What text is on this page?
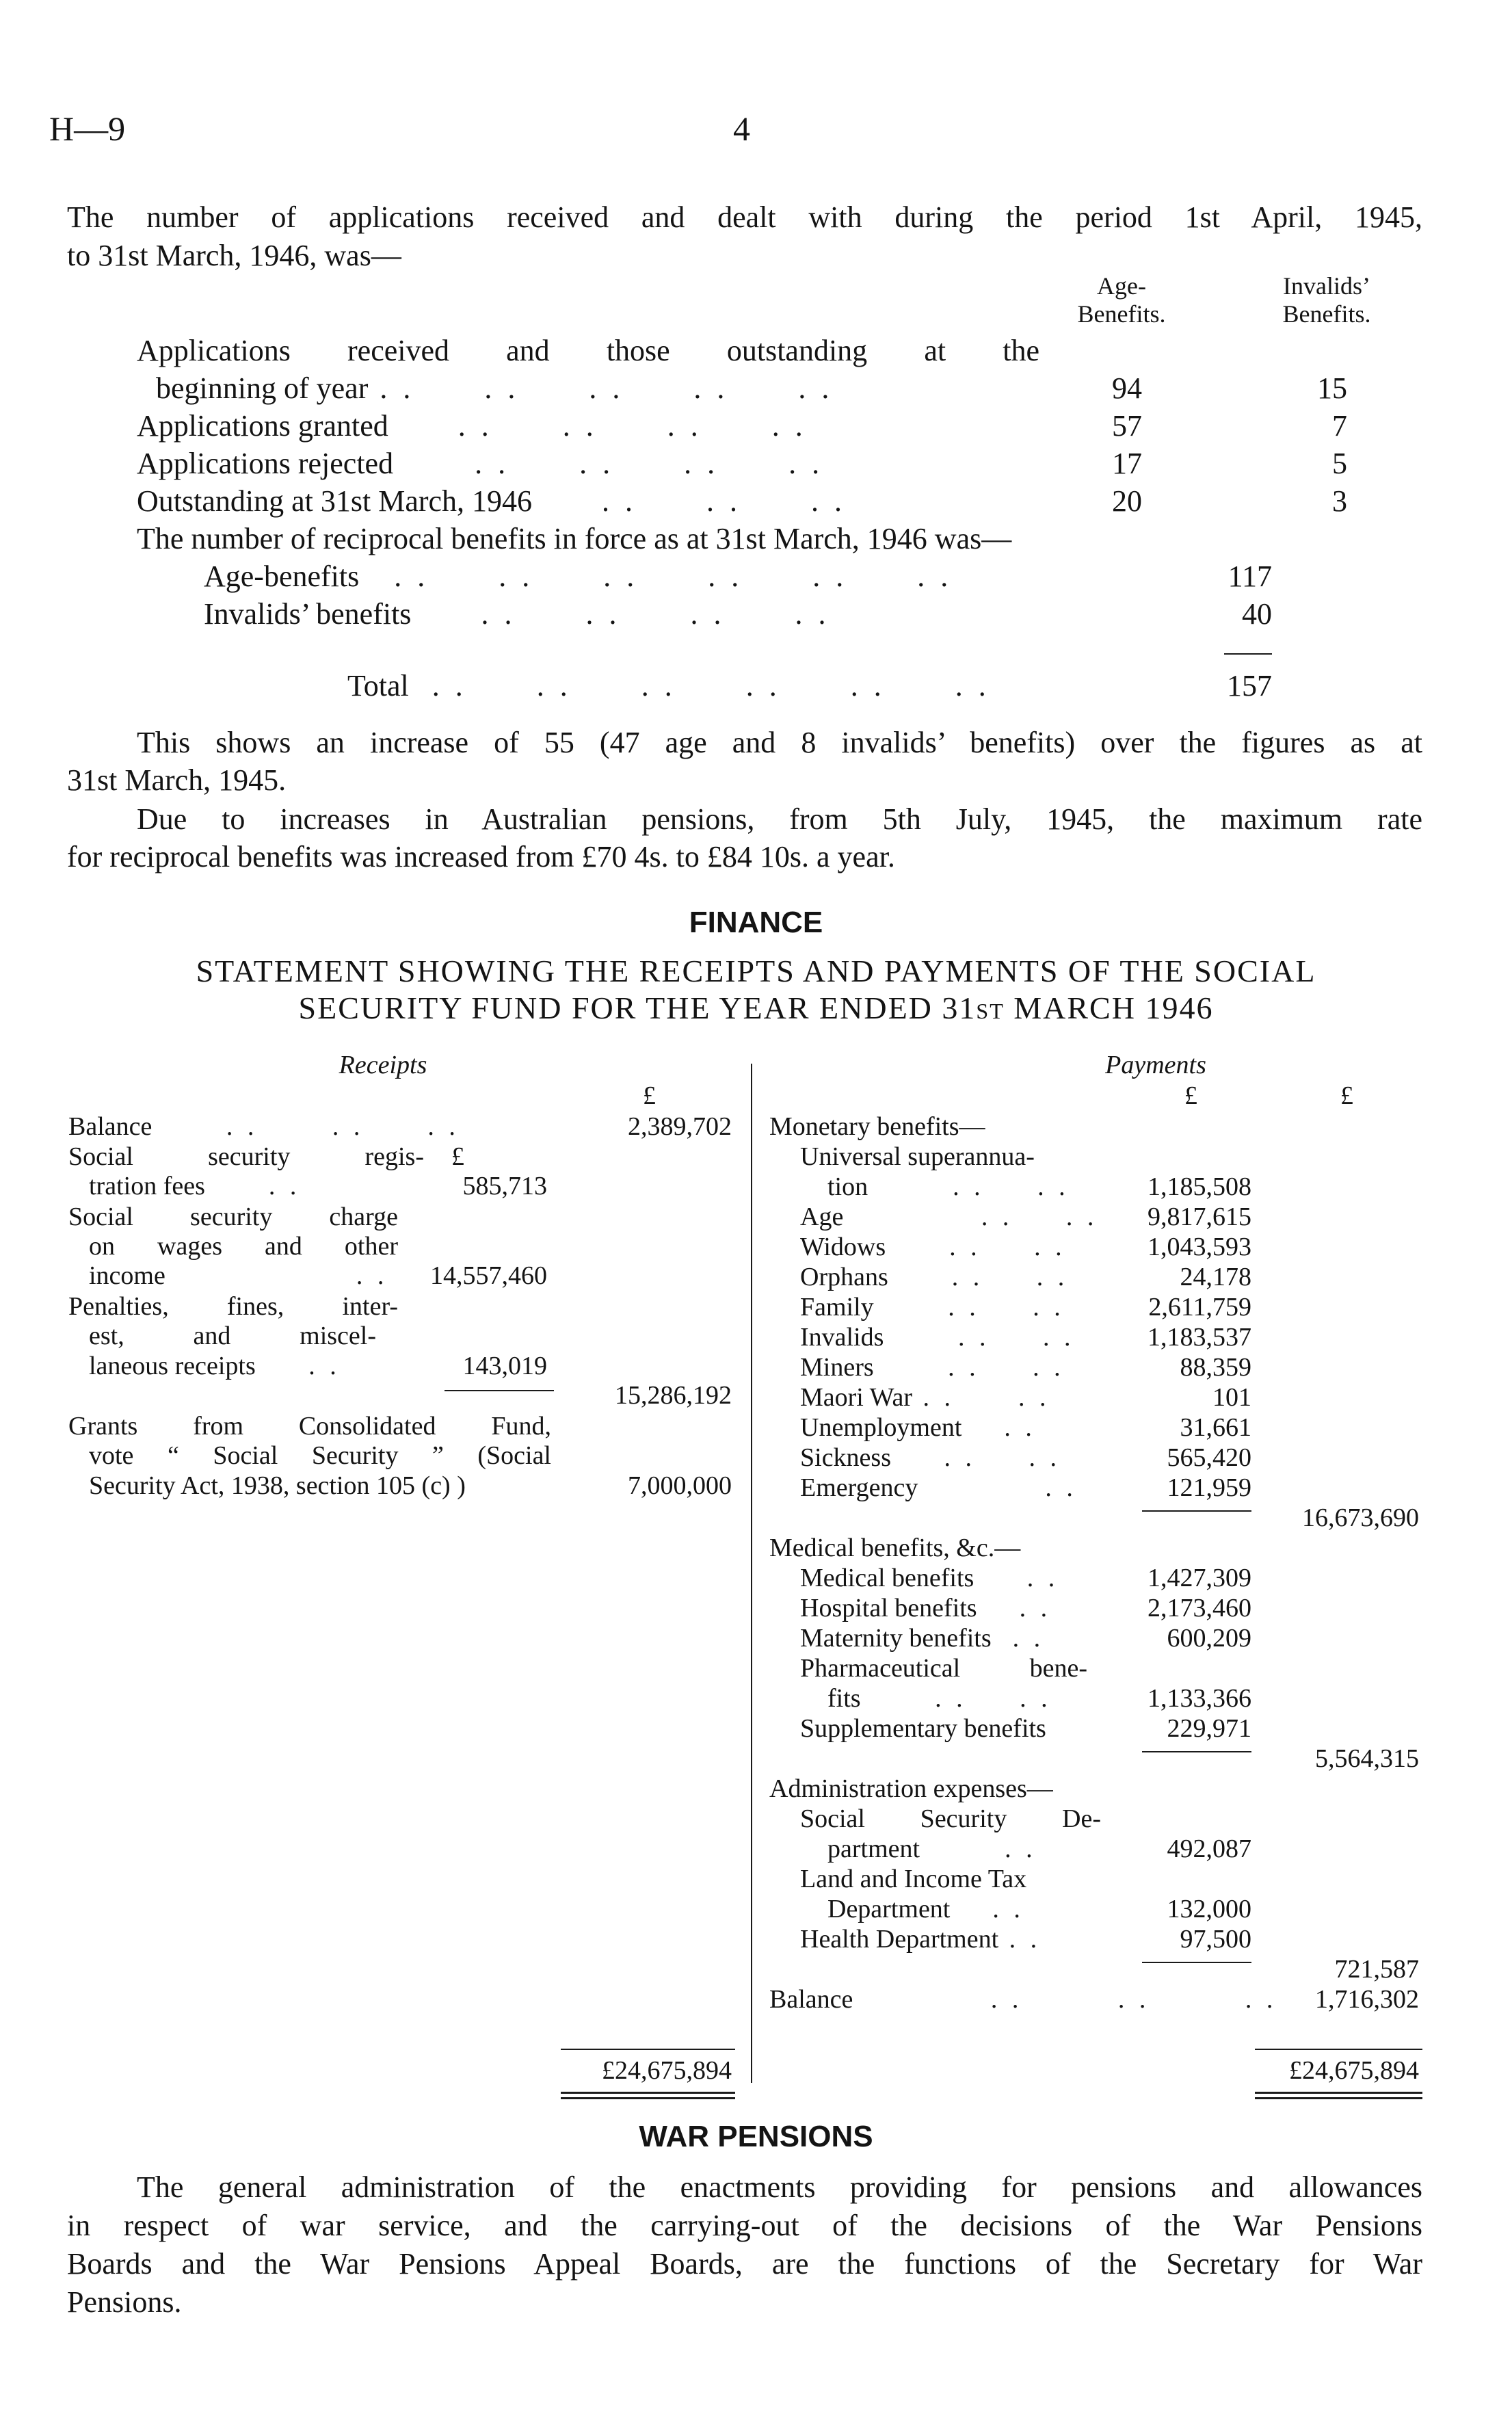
H—9	4
The number of applications received and dealt with during the period 1st April, 1945,
to 31st March, 1946, was—
Age-
Benefits.
Invalids’
Benefits.
Applications received and those outstanding at the
beginning of year . .      . .      . .      . .      . .	94	15
Applications granted      . .      . .      . .      . .	57	7
Applications rejected       . .      . .      . .      . .	17	5
Outstanding at 31st March, 1946      . .      . .      . .	20	3
The number of reciprocal benefits in force as at 31st March, 1946 was—
Age-benefits   . .      . .      . .      . .      . .      . .	117
Invalids’ benefits      . .      . .      . .      . .	40
Total  . .      . .      . .      . .      . .      . .	157
This shows an increase of 55 (47 age and 8 invalids’ benefits) over the figures as at
31st March, 1945.
Due to increases in Australian pensions, from 5th July, 1945, the maximum rate
for reciprocal benefits was increased from £70 4s. to £84 10s. a year.
FINANCE
STATEMENT SHOWING THE RECEIPTS AND PAYMENTS OF THE SOCIAL
SECURITY FUND FOR THE YEAR ENDED 31ST MARCH 1946
Receipts
£
Balance       . .       . .      . .	2,389,702
Social security regis- £
tration fees      . .	585,713
Social security charge
on wages and other
income                  . .	14,557,460
Penalties, fines, inter-
est, and miscel-
laneous receipts     . .	143,019
15,286,192
Grants from Consolidated Fund,
vote “ Social Security ” (Social
Security Act, 1938, section 105 (c) )	7,000,000
£24,675,894
Payments
£	£
Monetary benefits—
Universal superannua-
tion        . .     . .	1,185,508
Age             . .     . .	9,817,615
Widows      . .     . .	1,043,593
Orphans      . .     . .	24,178
Family       . .     . .	2,611,759
Invalids       . .     . .	1,183,537
Miners       . .     . .	88,359
Maori War . .      . .	101
Unemployment    . .	31,661
Sickness     . .     . .	565,420
Emergency            . .	121,959
16,673,690
Medical benefits, &c.—
Medical benefits     . .	1,427,309
Hospital benefits    . .	2,173,460
Maternity benefits  . .	600,209
Pharmaceutical bene-
fits       . .     . .	1,133,366
Supplementary benefits	229,971
5,564,315
Administration expenses—
Social Security De-
partment        . .	492,087
Land and Income Tax
Department    . .	132,000
Health Department . .	97,500
721,587
Balance             . .         . .         . .	1,716,302
£24,675,894
WAR PENSIONS
The general administration of the enactments providing for pensions and allowances
in respect of war service, and the carrying-out of the decisions of the War Pensions
Boards and the War Pensions Appeal Boards, are the functions of the Secretary for War
Pensions.
